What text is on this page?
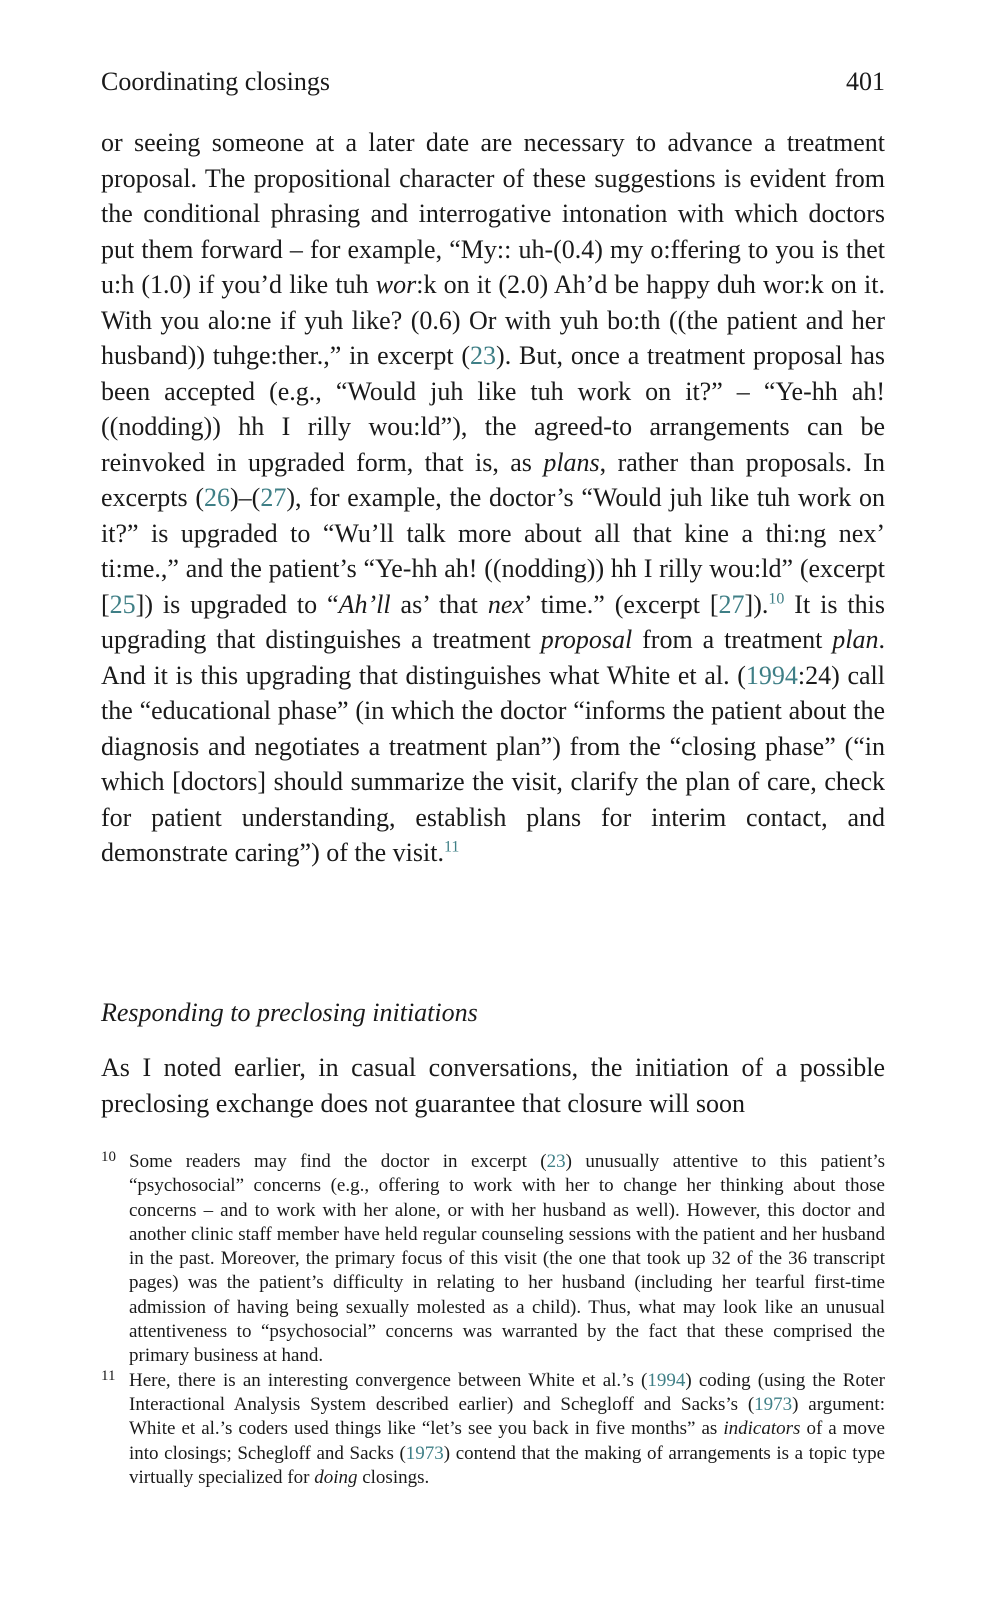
Coordinating closings	401

or seeing someone at a later date are necessary to advance a treatment proposal. The propositional character of these suggestions is evident from the conditional phrasing and interrogative intonation with which doctors put them forward – for example, “My:: uh-(0.4) my o:ffering to you is thet u:h (1.0) if you’d like tuh wor:k on it (2.0) Ah’d be happy duh wor:k on it. With you alo:ne if yuh like? (0.6) Or with yuh bo:th ((the patient and her husband)) tuhge:ther.,” in excerpt (23). But, once a treatment proposal has been accepted (e.g., “Would juh like tuh work on it?” – “Ye-hh ah! ((nodding)) hh I rilly wou:ld”), the agreed-to arrangements can be reinvoked in upgraded form, that is, as plans, rather than proposals. In excerpts (26)–(27), for example, the doctor’s “Would juh like tuh work on it?” is upgraded to “Wu’ll talk more about all that kine a thi:ng nex’ ti:me.,” and the patient’s “Ye-hh ah! ((nodding)) hh I rilly wou:ld” (excerpt [25]) is upgraded to “Ah’ll as’ that nex’ time.” (excerpt [27]).$^{10}$ It is this upgrading that distinguishes a treatment proposal from a treatment plan. And it is this upgrading that distinguishes what White et al. (1994:24) call the “educational phase” (in which the doctor “informs the patient about the diagnosis and negotiates a treatment plan”) from the “closing phase” (“in which [doctors] should summarize the visit, clarify the plan of care, check for patient understanding, establish plans for interim contact, and demonstrate caring”) of the visit.$^{11}$

Responding to preclosing initiations
As I noted earlier, in casual conversations, the initiation of a possible preclosing exchange does not guarantee that closure will soon

10 Some readers may find the doctor in excerpt (23) unusually attentive to this patient’s “psychosocial” concerns (e.g., offering to work with her to change her thinking about those concerns – and to work with her alone, or with her husband as well). However, this doctor and another clinic staff member have held regular counseling sessions with the patient and her husband in the past. Moreover, the primary focus of this visit (the one that took up 32 of the 36 transcript pages) was the patient’s difficulty in relating to her husband (including her tearful first-time admission of having being sexually molested as a child). Thus, what may look like an unusual attentiveness to “psychosocial” concerns was warranted by the fact that these comprised the primary business at hand.

11 Here, there is an interesting convergence between White et al.’s (1994) coding (using the Roter Interactional Analysis System described earlier) and Schegloff and Sacks’s (1973) argument: White et al.’s coders used things like “let’s see you back in five months” as indicators of a move into closings; Schegloff and Sacks (1973) contend that the making of arrangements is a topic type virtually specialized for doing closings.
